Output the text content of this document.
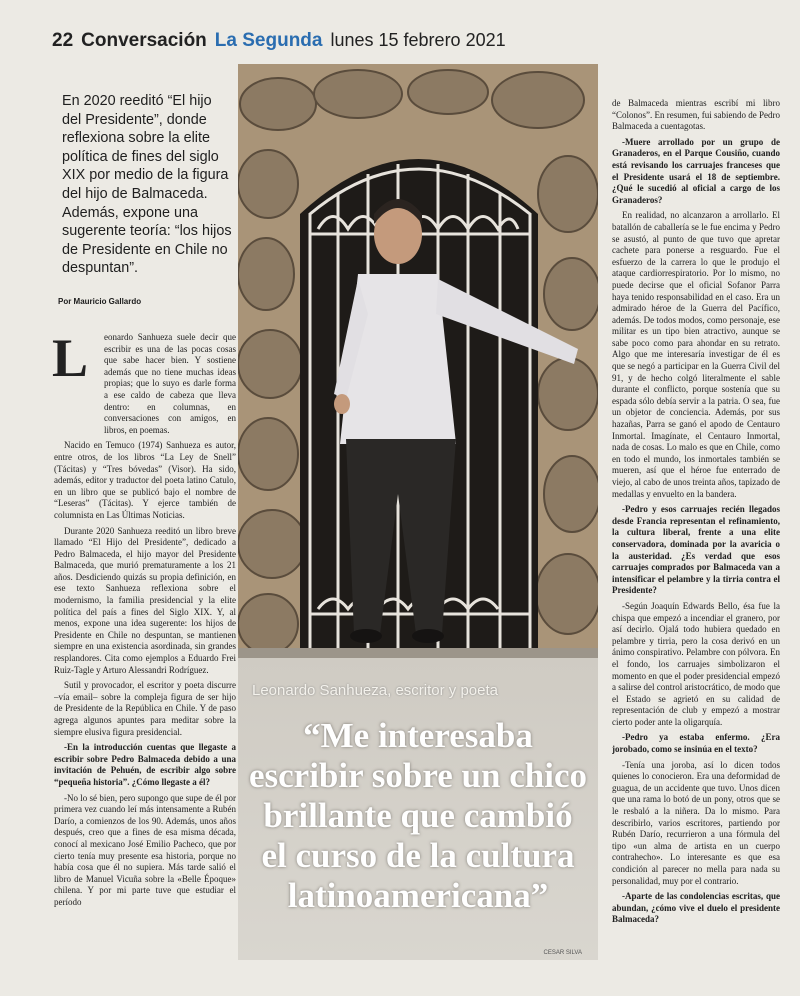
22 Conversación La Segunda lunes 15 febrero 2021
En 2020 reeditó “El hijo del Presidente”, donde reflexiona sobre la elite política de fines del siglo XIX por medio de la figura del hijo de Balmaceda. Además, expone una sugerente teoría: “los hijos de Presidente en Chile no despuntan”.
Por Mauricio Gallardo
L	eonardo Sanhueza suele decir que escribir es una de las pocas cosas que sabe hacer bien. Y sostiene además que no tiene muchas ideas propias; que lo suyo es darle forma a ese caldo de cabeza que lleva dentro: en columnas, en conversaciones con amigos, en libros, en poemas.

Nacido en Temuco (1974) Sanhueza es autor, entre otros, de los libros “La Ley de Snell” (Tácitas) y “Tres bóvedas” (Visor). Ha sido, además, editor y traductor del poeta latino Catulo, en un libro que se publicó bajo el nombre de “Leseras” (Tácitas). Y ejerce también de columnista en Las Últimas Noticias.

Durante 2020 Sanhueza reeditó un libro breve llamado “El Hijo del Presidente”, dedicado a Pedro Balmaceda, el hijo mayor del Presidente Balmaceda, que murió prematuramente a los 21 años. Desdiciendo quizás su propia definición, en ese texto Sanhueza reflexiona sobre el modernismo, la familia presidencial y la elite política del país a fines del Siglo XIX. Y, al menos, expone una idea sugerente: los hijos de Presidente en Chile no despuntan, se mantienen siempre en una existencia asordinada, sin grandes resplandores. Cita como ejemplos a Eduardo Frei Ruiz-Tagle y Arturo Alessandri Rodríguez.

Sutil y provocador, el escritor y poeta discurre –vía email– sobre la compleja figura de ser hijo de Presidente de la República en Chile. Y de paso agrega algunos apuntes para meditar sobre la siempre elusiva figura presidencial.

-En la introducción cuentas que llegaste a escribir sobre Pedro Balmaceda debido a una invitación de Pehuén, de escribir algo sobre “pequeña historia”. ¿Cómo llegaste a él?

-No lo sé bien, pero supongo que supe de él por primera vez cuando leí más intensamente a Rubén Darío, a comienzos de los 90. Además, unos años después, creo que a fines de esa misma década, conocí al mexicano José Emilio Pacheco, que por cierto tenía muy presente esa historia, porque no había cosa que él no supiera. Más tarde salió el libro de Manuel Vicuña sobre la «Belle Époque» chilena. Y por mi parte tuve que estudiar el período

Leonardo Sanhueza, escritor y poeta
“Me interesaba escribir sobre un chico brillante que cambió el curso de la cultura latinoamericana”
CESAR SILVA

de Balmaceda mientras escribí mi libro “Colonos”. En resumen, fui sabiendo de Pedro Balmaceda a cuentagotas.

-Muere arrollado por un grupo de Granaderos, en el Parque Cousiño, cuando está revisando los carruajes franceses que el Presidente usará el 18 de septiembre. ¿Qué le sucedió al oficial a cargo de los Granaderos?

En realidad, no alcanzaron a arrollarlo. El batallón de caballería se le fue encima y Pedro se asustó, al punto de que tuvo que apretar cachete para ponerse a resguardo. Fue el esfuerzo de la carrera lo que le produjo el ataque cardiorrespiratorio. Por lo mismo, no puede decirse que el oficial Sofanor Parra haya tenido responsabilidad en el caso. Era un admirado héroe de la Guerra del Pacífico, además. De todos modos, como personaje, ese militar es un tipo bien atractivo, aunque se sabe poco como para ahondar en su retrato. Algo que me interesaría investigar de él es que se negó a participar en la Guerra Civil del 91, y de hecho colgó literalmente el sable durante el conflicto, porque sostenía que su espada sólo debía servir a la patria. O sea, fue un objetor de conciencia. Además, por sus hazañas, Parra se ganó el apodo de Centauro Inmortal. Imagínate, el Centauro Inmortal, nada de cosas. Lo malo es que en Chile, como en todo el mundo, los inmortales también se mueren, así que el héroe fue enterrado de viejo, al cabo de unos treinta años, tapizado de medallas y envuelto en la bandera.

-Pedro y esos carruajes recién llegados desde Francia representan el refinamiento, la cultura liberal, frente a una elite conservadora, dominada por la avaricia o la austeridad. ¿Es verdad que esos carruajes comprados por Balmaceda van a intensificar el pelambre y la tirria contra el Presidente?

-Según Joaquín Edwards Bello, ésa fue la chispa que empezó a incendiar el granero, por así decirlo. Ojalá todo hubiera quedado en pelambre y tirria, pero la cosa derivó en un ánimo conspirativo. Pelambre con pólvora. En el fondo, los carruajes simbolizaron el momento en que el poder presidencial empezó a salirse del control aristocrático, de modo que el Estado se agrietó en su calidad de representación de club y empezó a mostrar cierto poder ante la oligarquía.

-Pedro ya estaba enfermo. ¿Era jorobado, como se insinúa en el texto?

-Tenía una joroba, así lo dicen todos quienes lo conocieron. Era una deformidad de guagua, de un accidente que tuvo. Unos dicen que una rama lo botó de un pony, otros que se le resbaló a la niñera. Da lo mismo. Para describirlo, varios escritores, partiendo por Rubén Darío, recurrieron a una fórmula del tipo «un alma de artista en un cuerpo contrahecho». Lo interesante es que esa condición al parecer no mella para nada su personalidad, muy por el contrario.

-Aparte de las condolencias escritas, que abundan, ¿cómo vive el duelo el presidente Balmaceda?
